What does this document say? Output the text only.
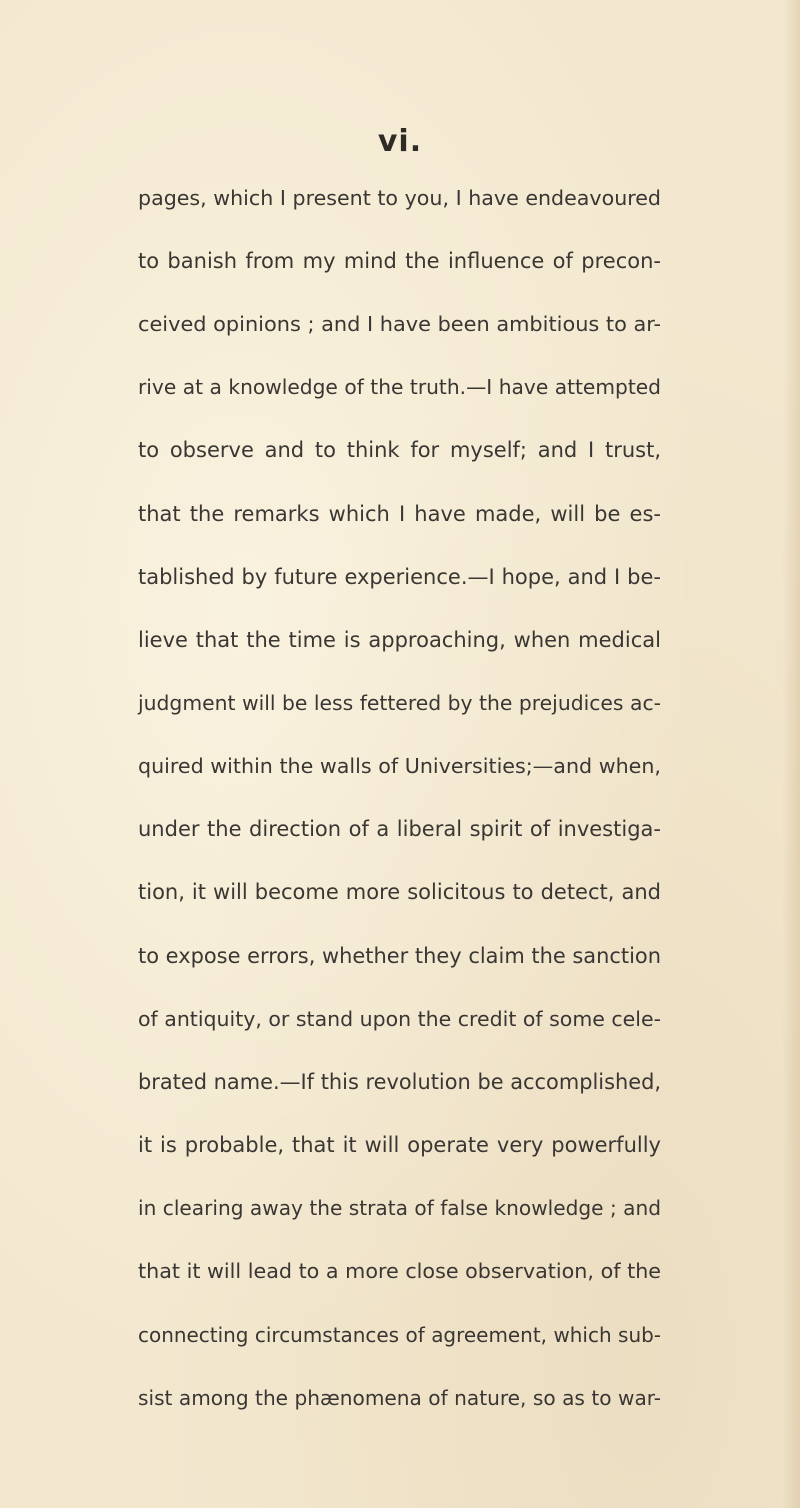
vi.
pages, which I present to you, I have endeavoured
to banish from my mind the influence of precon-
ceived opinions ; and I have been ambitious to ar-
rive at a knowledge of the truth.—I have attempted
to observe and to think for myself; and I trust,
that the remarks which I have made, will be es-
tablished by future experience.—I hope, and I be-
lieve that the time is approaching, when medical
judgment will be less fettered by the prejudices ac-
quired within the walls of Universities;—and when,
under the direction of a liberal spirit of investiga-
tion, it will become more solicitous to detect, and
to expose errors, whether they claim the sanction
of antiquity, or stand upon the credit of some cele-
brated name.—If this revolution be accomplished,
it is probable, that it will operate very powerfully
in clearing away the strata of false knowledge ; and
that it will lead to a more close observation, of the
connecting circumstances of agreement, which sub-
sist among the phænomena of nature, so as to war-
